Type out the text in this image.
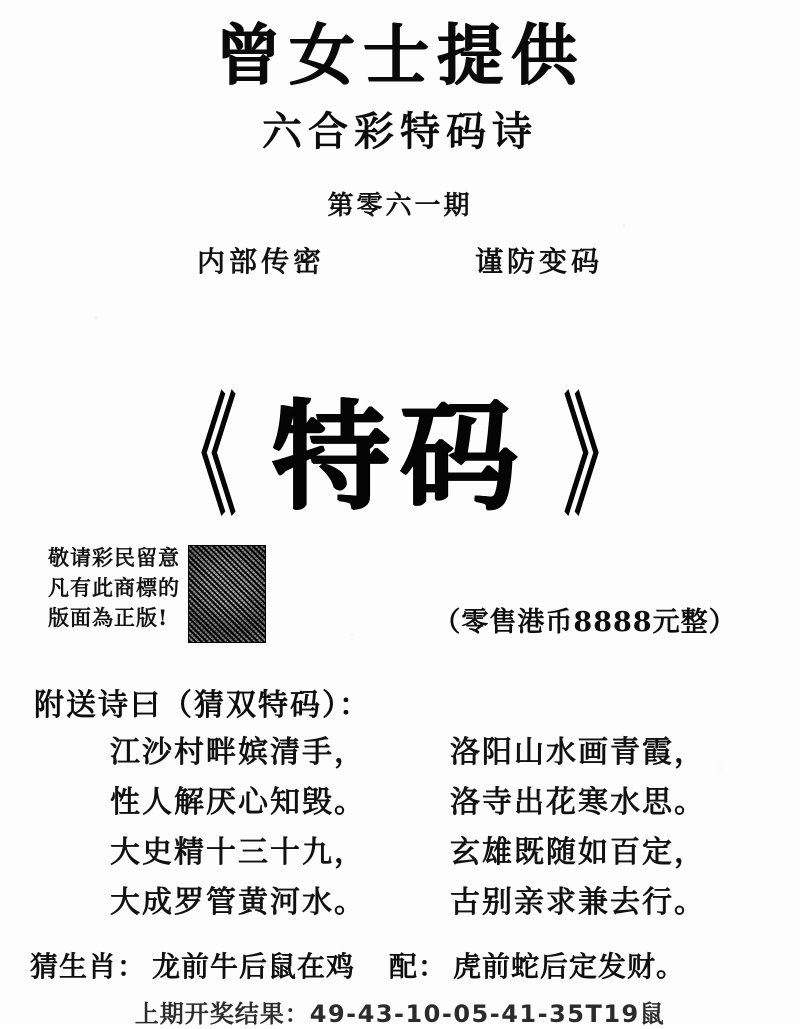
曾女士提供
六合彩特码诗
第零六一期
内部传密	谨防变码
《 特码 》
敬请彩民留意
凡有此商標的
版面為正版!	（零售港币8888元整）
附送诗曰（猜双特码）：
江沙村畔嫔清手，
性人解厌心知毁。
大史精十三十九，
大成罗管黄河水。
洛阳山水画青霞，
洛寺出花寒水思。
玄雄既随如百定，
古别亲求兼去行。
猜生肖： 龙前牛后鼠在鸡 配： 虎前蛇后定发财。
上期开奖结果：49-43-10-05-41-35T19鼠
